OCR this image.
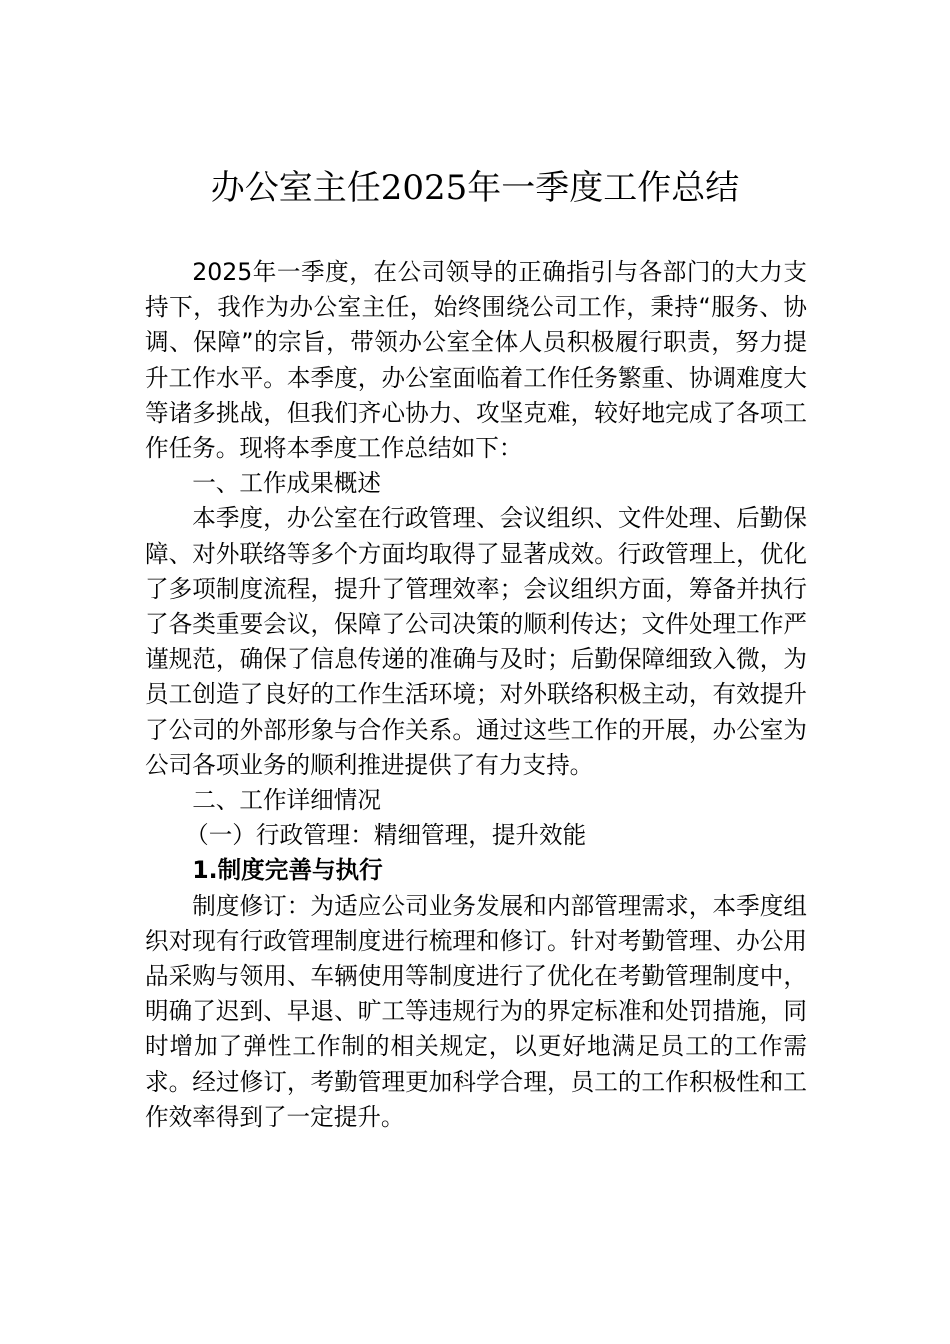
办公室主任2025年一季度工作总结

2025年一季度，在公司领导的正确指引与各部门的大力支持下，我作为办公室主任，始终围绕公司工作，秉持“服务、协调、保障”的宗旨，带领办公室全体人员积极履行职责，努力提升工作水平。本季度，办公室面临着工作任务繁重、协调难度大等诸多挑战，但我们齐心协力、攻坚克难，较好地完成了各项工作任务。现将本季度工作总结如下：

一、工作成果概述

本季度，办公室在行政管理、会议组织、文件处理、后勤保障、对外联络等多个方面均取得了显著成效。行政管理上，优化了多项制度流程，提升了管理效率；会议组织方面，筹备并执行了各类重要会议，保障了公司决策的顺利传达；文件处理工作严谨规范，确保了信息传递的准确与及时；后勤保障细致入微，为员工创造了良好的工作生活环境；对外联络积极主动，有效提升了公司的外部形象与合作关系。通过这些工作的开展，办公室为公司各项业务的顺利推进提供了有力支持。

二、工作详细情况

（一）行政管理：精细管理，提升效能

1.制度完善与执行

制度修订：为适应公司业务发展和内部管理需求，本季度组织对现有行政管理制度进行梳理和修订。针对考勤管理、办公用品采购与领用、车辆使用等制度进行了优化在考勤管理制度中，明确了迟到、早退、旷工等违规行为的界定标准和处罚措施，同时增加了弹性工作制的相关规定，以更好地满足员工的工作需求。经过修订，考勤管理更加科学合理，员工的工作积极性和工作效率得到了一定提升。
